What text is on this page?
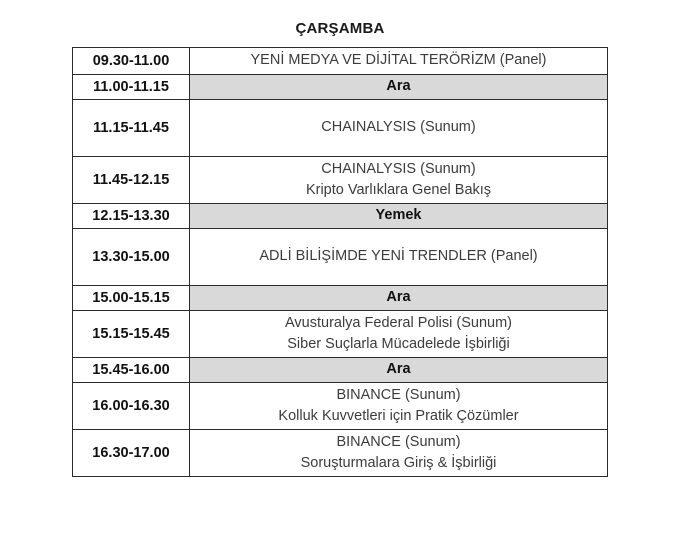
ÇARŞAMBA
09.30-11.00	YENİ MEDYA VE DİJİTAL TERÖRİZM (Panel)

11.00-11.15	Ara

11.15-11.45	CHAINALYSIS (Sunum)

11.45-12.15	CHAINALYSIS (Sunum)
Kripto Varlıklara Genel Bakış

12.15-13.30	Yemek

13.30-15.00	ADLİ BİLİŞİMDE YENİ TRENDLER (Panel)

15.00-15.15	Ara

15.15-15.45	Avusturalya Federal Polisi (Sunum)
Siber Suçlarla Mücadelede İşbirliği

15.45-16.00	Ara

16.00-16.30	BINANCE (Sunum)
Kolluk Kuvvetleri için Pratik Çözümler

16.30-17.00	BINANCE (Sunum)
Soruşturmalara Giriş & İşbirliği
